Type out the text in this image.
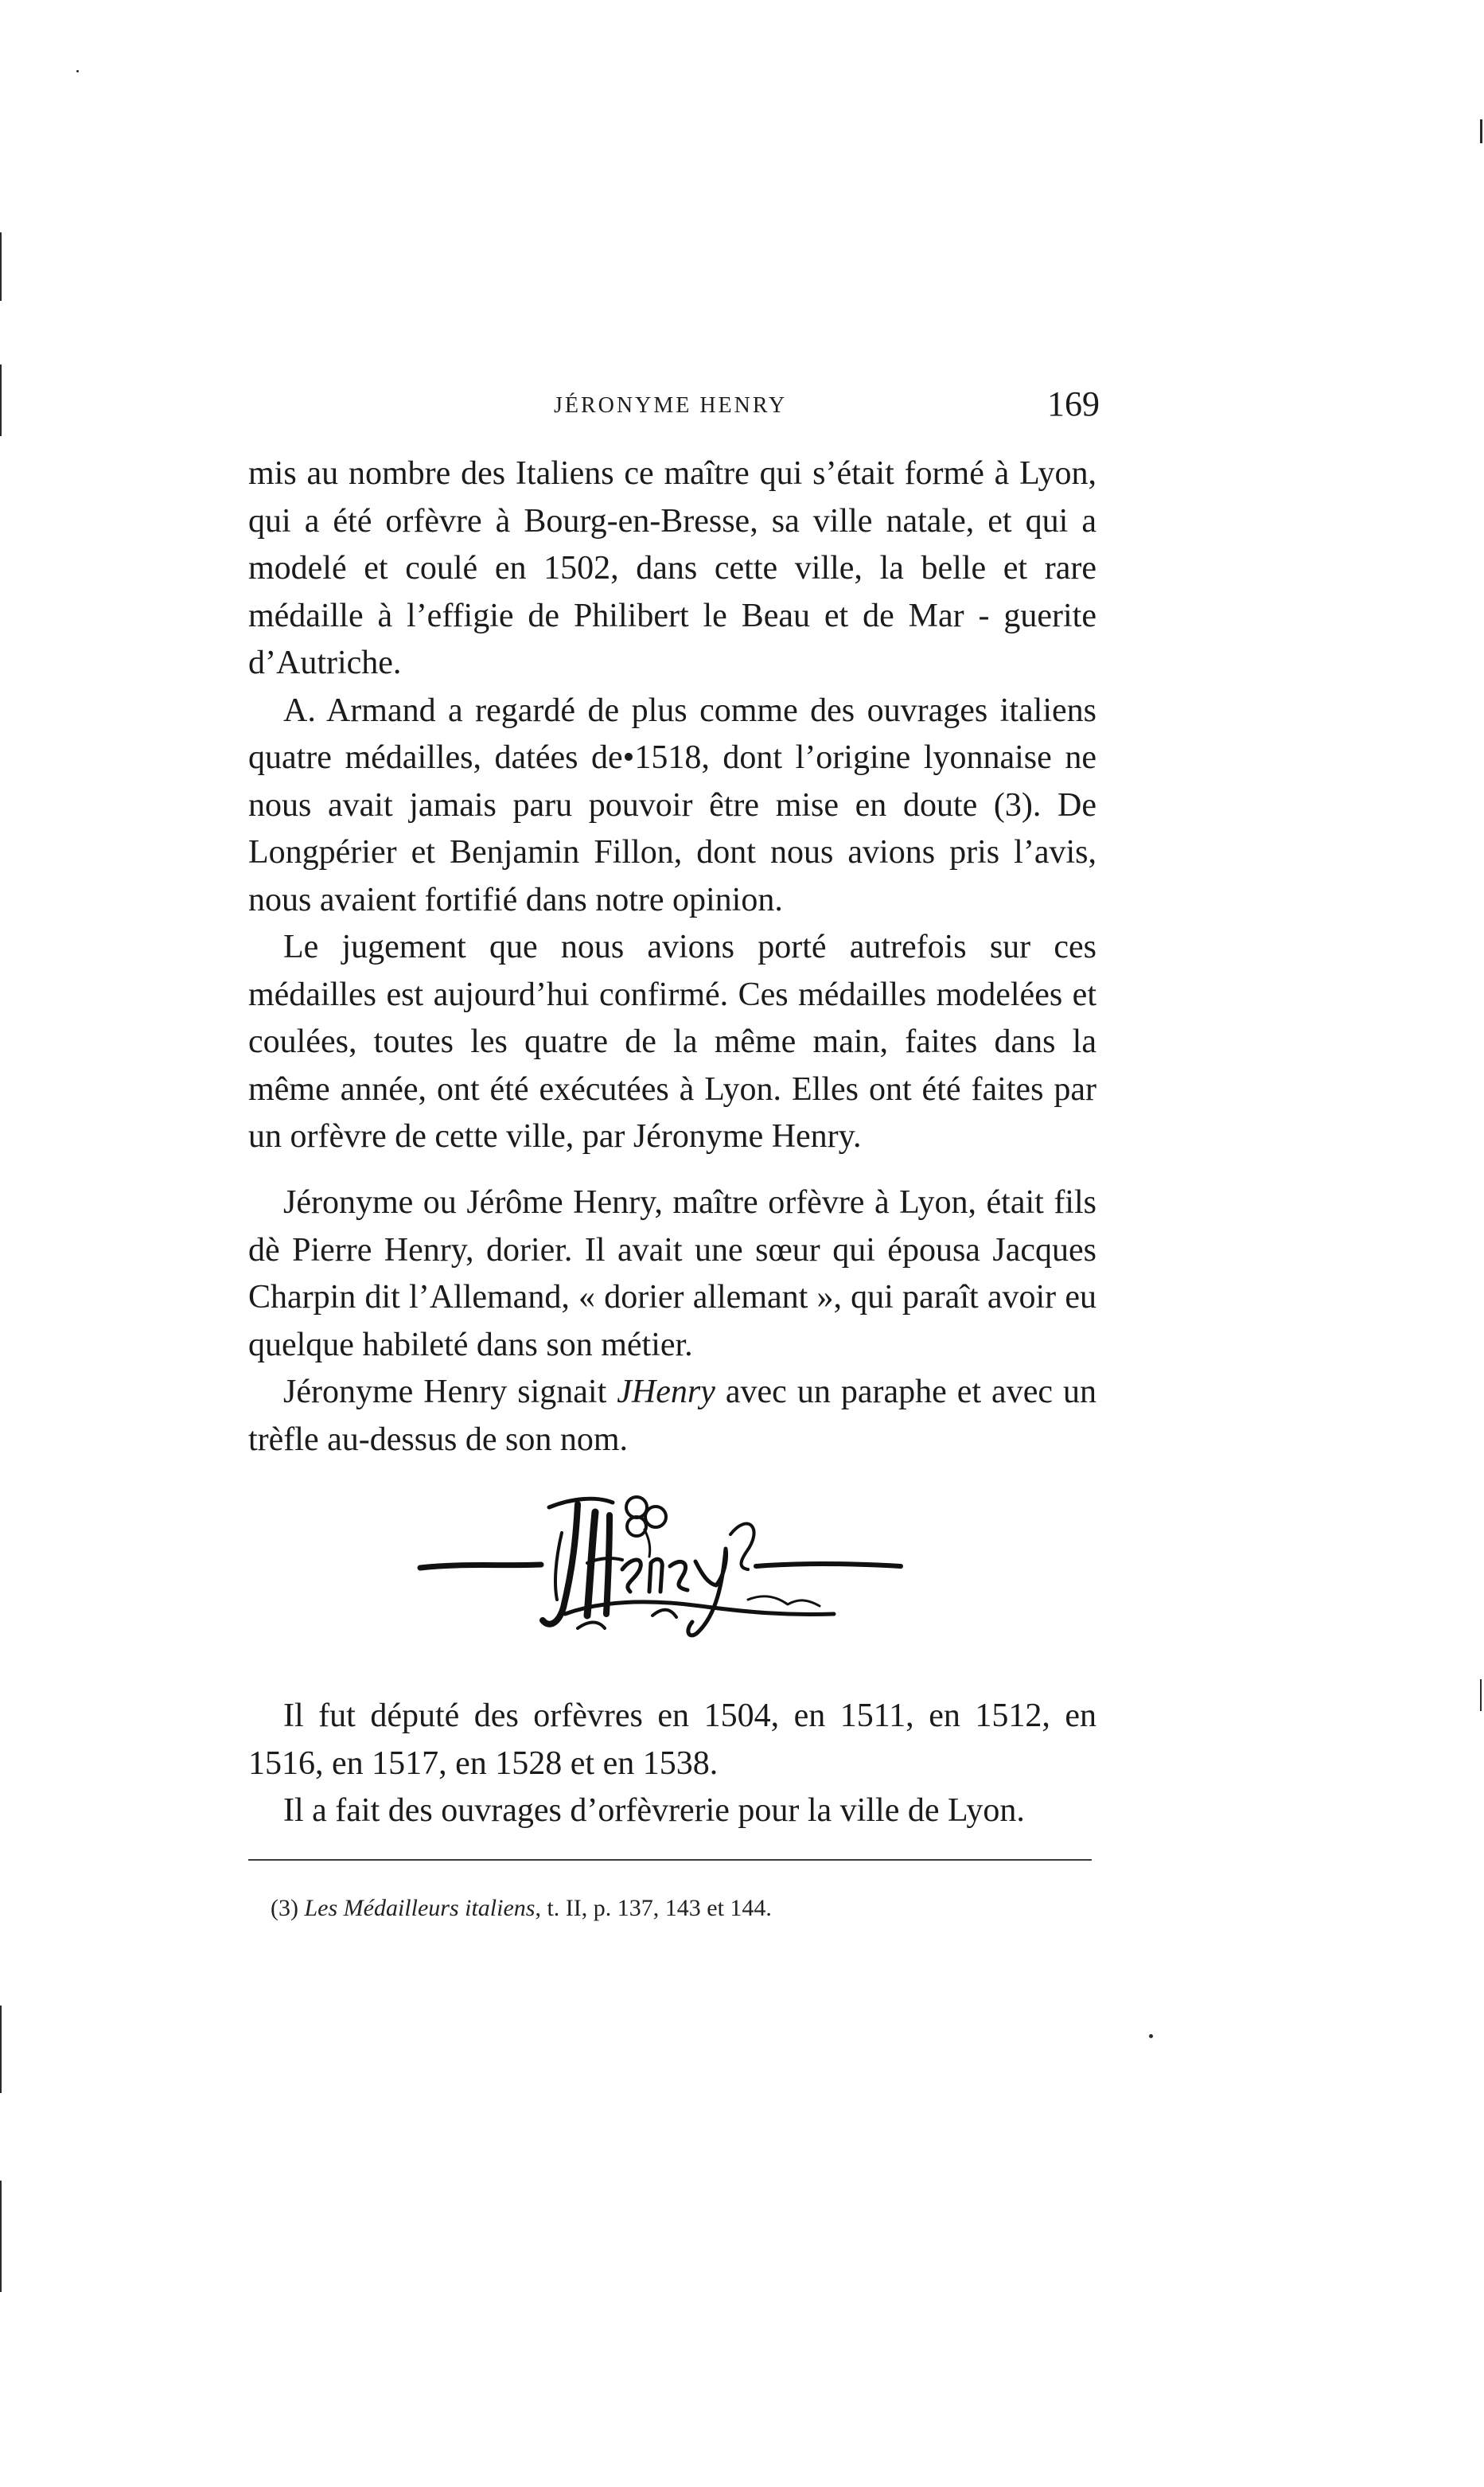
JÉRONYME HENRY	169

mis au nombre des Italiens ce maître qui s’était formé à Lyon, qui a été orfèvre à Bourg-en-Bresse, sa ville natale, et qui a modelé et coulé en 1502, dans cette ville, la belle et rare médaille à l’effigie de Philibert le Beau et de Mar - guerite d’Autriche.

A. Armand a regardé de plus comme des ouvrages italiens quatre médailles, datées de•1518, dont l’origine lyonnaise ne nous avait jamais paru pouvoir être mise en doute (3). De Longpérier et Benjamin Fillon, dont nous avions pris l’avis, nous avaient fortifié dans notre opinion.

Le jugement que nous avions porté autrefois sur ces médailles est aujourd’hui confirmé. Ces médailles modelées et coulées, toutes les quatre de la même main, faites dans la même année, ont été exécutées à Lyon. Elles ont été faites par un orfèvre de cette ville, par Jéronyme Henry.

Jéronyme ou Jérôme Henry, maître orfèvre à Lyon, était fils dè Pierre Henry, dorier. Il avait une sœur qui épousa Jacques Charpin dit l’Allemand, « dorier allemant », qui paraît avoir eu quelque habileté dans son métier.

Jéronyme Henry signait JHenry avec un paraphe et avec un trèfle au-dessus de son nom.

Il fut député des orfèvres en 1504, en 1511, en 1512, en 1516, en 1517, en 1528 et en 1538.

Il a fait des ouvrages d’orfèvrerie pour la ville de Lyon.

(3) Les Médailleurs italiens, t. II, p. 137, 143 et 144.
